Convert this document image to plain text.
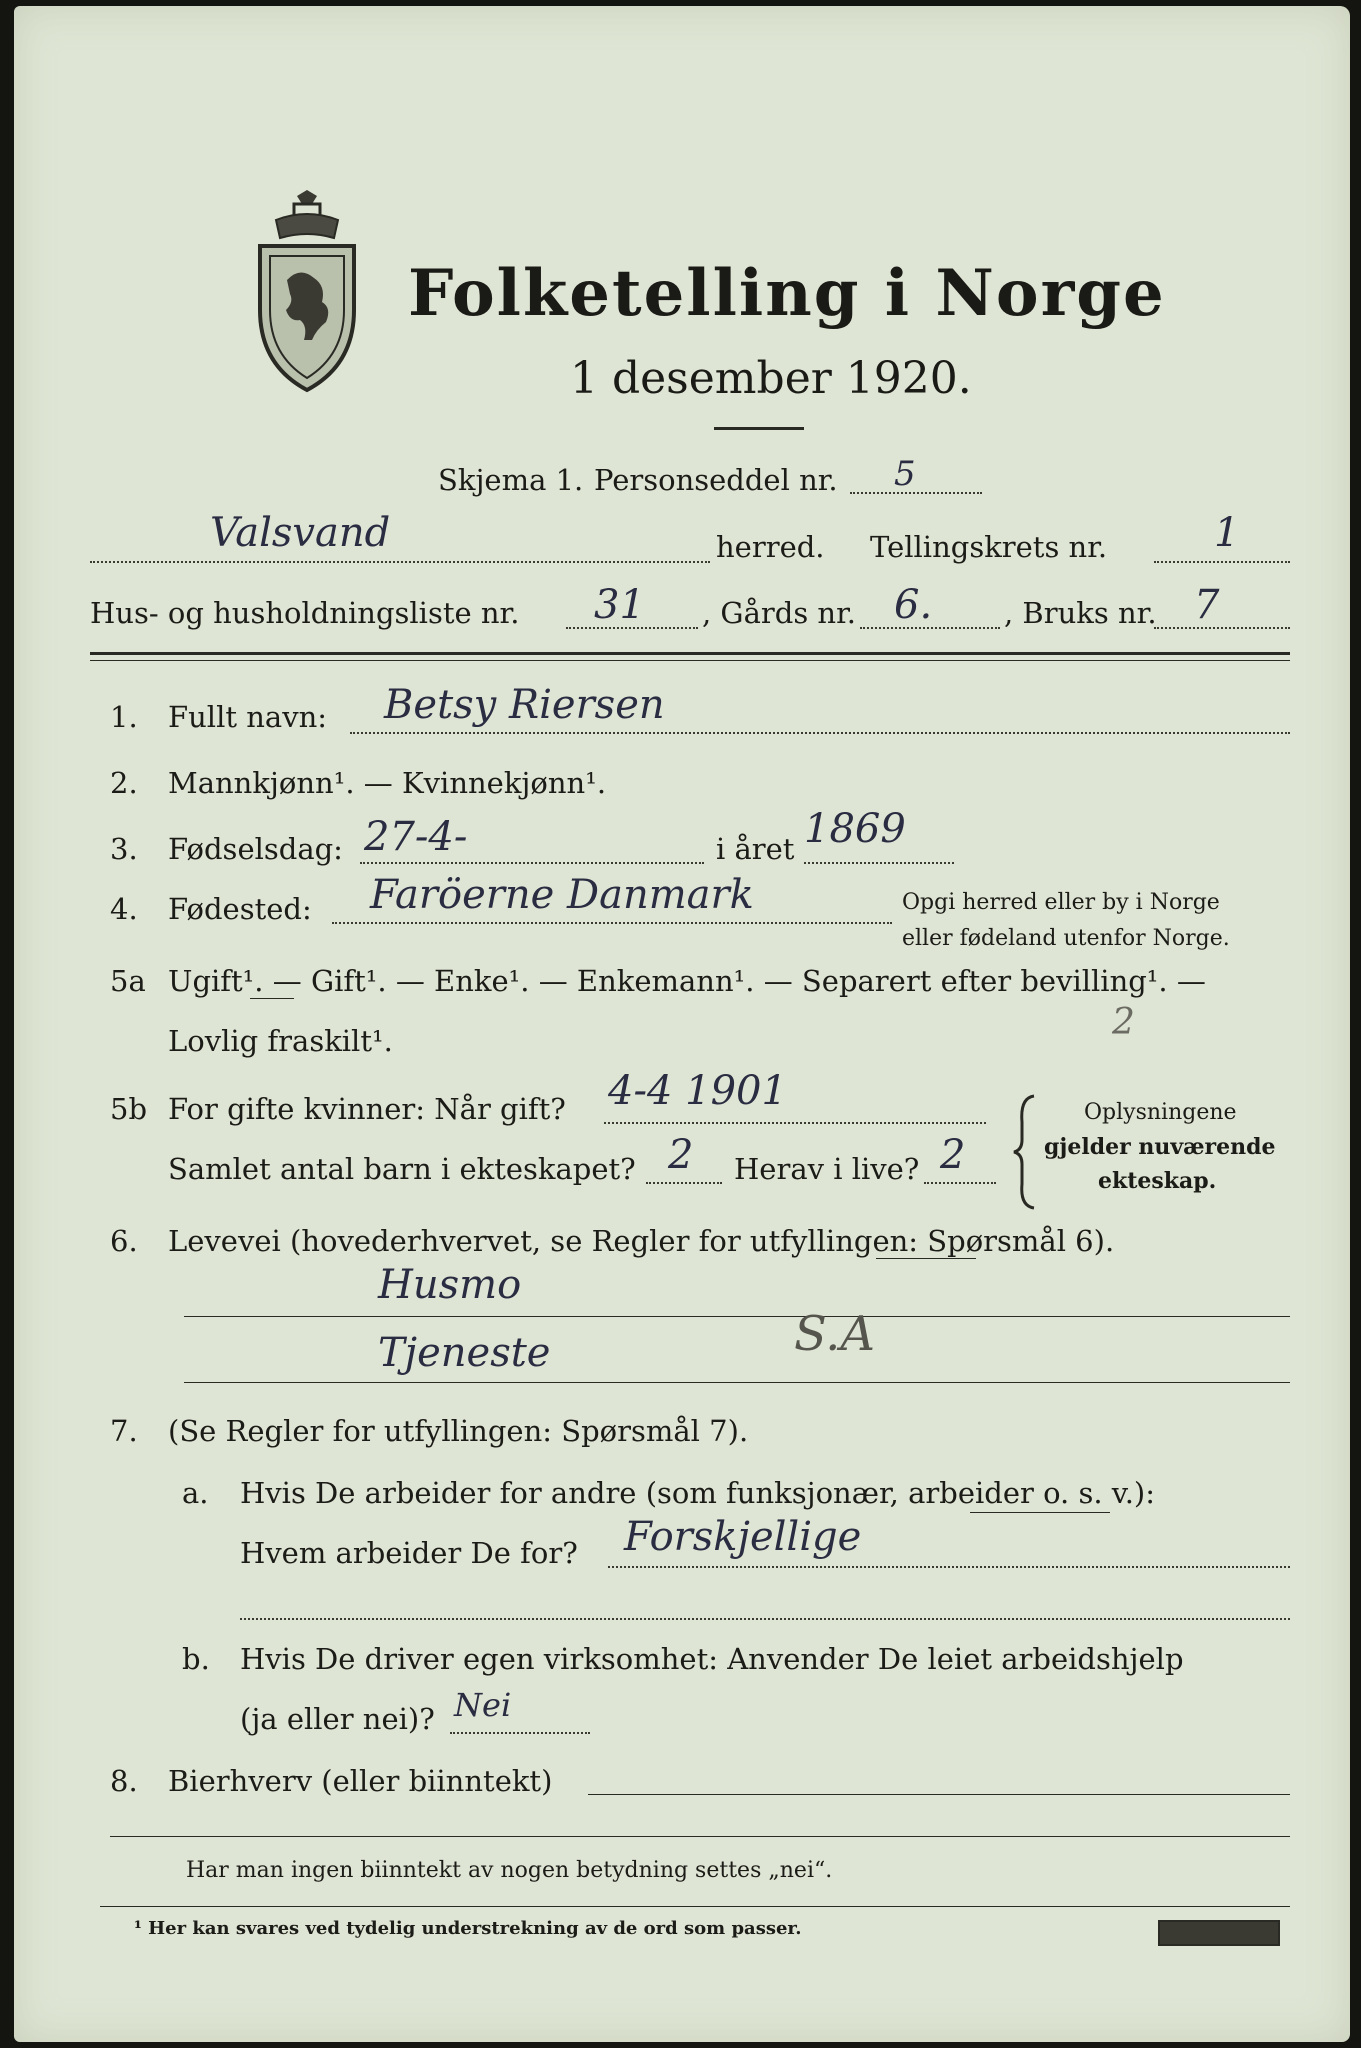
Folketelling i Norge
1 desember 1920.
Skjema 1. Personseddel nr. 5
Valsvand	herred. Tellingskrets nr.	1
Hus- og husholdningsliste nr. 31 , Gårds nr. 6. , Bruks nr. 7
1. Fullt navn: Betsy Riersen
2. Mannkjønn¹. — Kvinnekjønn¹.
3. Fødselsdag: 27-4-	i året 1869
4. Fødested: Faröerne Danmark	Opgi herred eller by i Norge
eller fødeland utenfor Norge.
5a Ugift¹. — Gift¹. — Enke¹. — Enkemann¹. — Separert efter bevilling¹. —
Lovlig fraskilt¹.	2
5b For gifte kvinner: Når gift? 4-4 1901
Samlet antal barn i ekteskapet? 2 Herav i live? 2
Oplysningene
gjelder nuværende
ekteskap.
6. Levevei (hovederhvervet, se Regler for utfyllingen: Spørsmål 6).
Husmo
Tjeneste	S.A
7. (Se Regler for utfyllingen: Spørsmål 7).
a. Hvis De arbeider for andre (som funksjonær, arbeider o. s. v.):
Hvem arbeider De for? Forskjellige
b. Hvis De driver egen virksomhet: Anvender De leiet arbeidshjelp
(ja eller nei)? Nei
8. Bierhverv (eller biinntekt)
Har man ingen biinntekt av nogen betydning settes „nei“.
¹ Her kan svares ved tydelig understrekning av de ord som passer.
